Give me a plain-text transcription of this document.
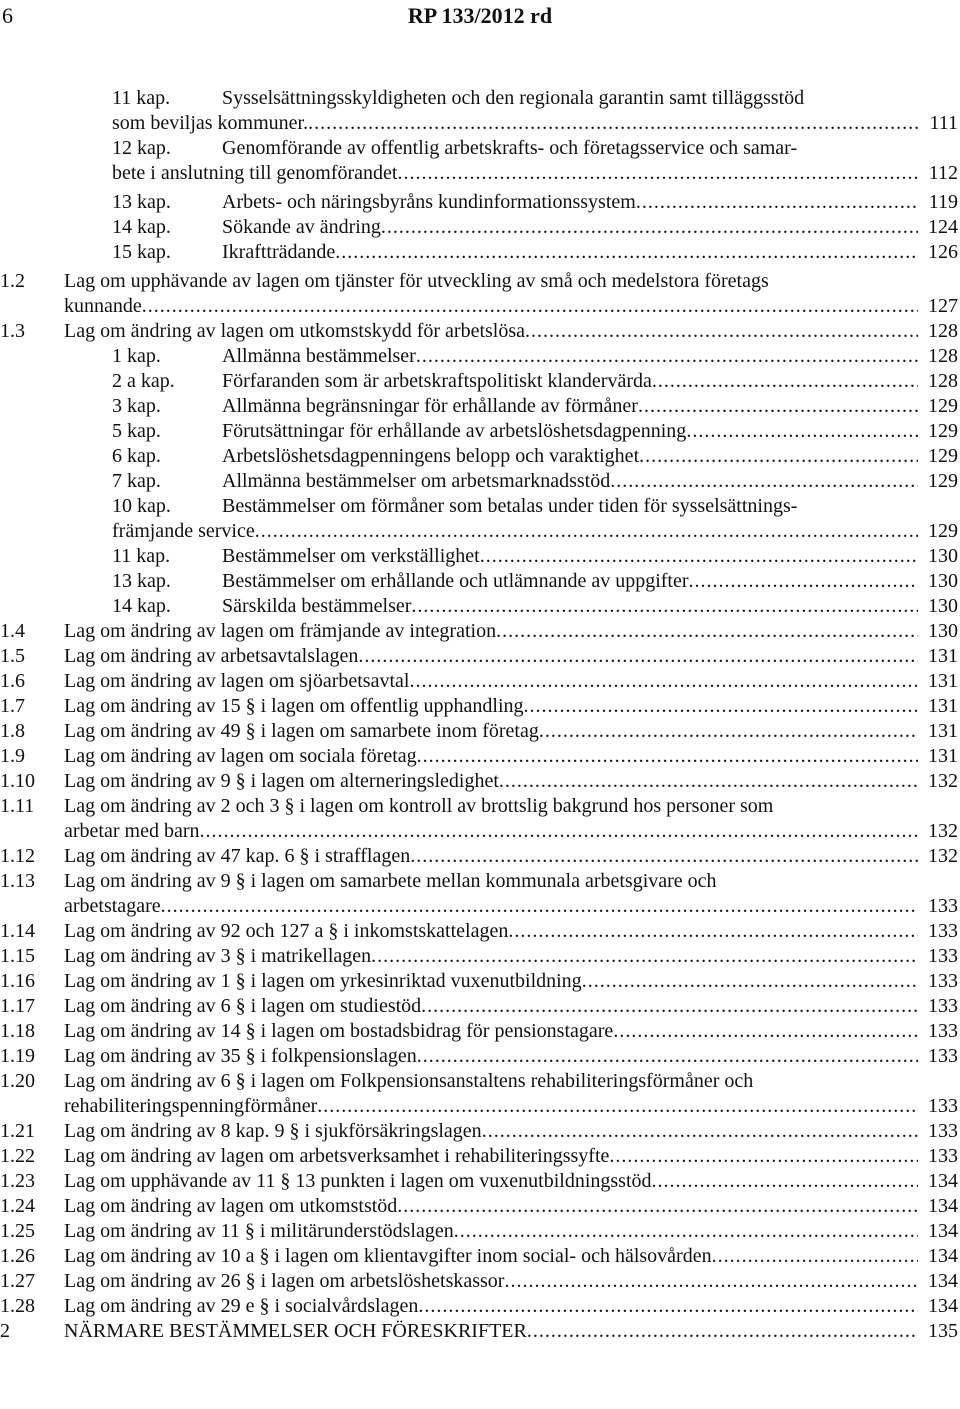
6	RP 133/2012 rd
11 kap.	Sysselsättningsskyldigheten och den regionala garantin samt tilläggsstöd
som beviljas kommuner. .....	111
12 kap.	Genomförande av offentlig arbetskrafts- och företagsservice och samar-
bete i anslutning till genomförandet .....	112
13 kap.	Arbets- och näringsbyråns kundinformationssystem .....	119
14 kap.	Sökande av ändring .....	124
15 kap.	Ikraftträdande .....	126
1.2 Lag om upphävande av lagen om tjänster för utveckling av små och medelstora företags
kunnande .....	127
1.3 Lag om ändring av lagen om utkomstskydd för arbetslösa .....	128
1 kap.	Allmänna bestämmelser .....	128
2 a kap. Förfaranden som är arbetskraftspolitiskt klandervärda .....	128
3 kap.	Allmänna begränsningar för erhållande av förmåner .....	129
5 kap.	Förutsättningar för erhållande av arbetslöshetsdagpenning .....	129
6 kap.	Arbetslöshetsdagpenningens belopp och varaktighet .....	129
7 kap.	Allmänna bestämmelser om arbetsmarknadsstöd .....	129
10 kap.	Bestämmelser om förmåner som betalas under tiden för sysselsättnings-
främjande service .....	129
11 kap.	Bestämmelser om verkställighet .....	130
13 kap.	Bestämmelser om erhållande och utlämnande av uppgifter .....	130
14 kap.	Särskilda bestämmelser .....	130
1.4 Lag om ändring av lagen om främjande av integration .....	130
1.5 Lag om ändring av arbetsavtalslagen .....	131
1.6 Lag om ändring av lagen om sjöarbetsavtal .....	131
1.7 Lag om ändring av 15 § i lagen om offentlig upphandling .....	131
1.8 Lag om ändring av 49 § i lagen om samarbete inom företag .....	131
1.9 Lag om ändring av lagen om sociala företag .....	131
1.10 Lag om ändring av 9 § i lagen om alterneringsledighet .....	132
1.11 Lag om ändring av 2 och 3 § i lagen om kontroll av brottslig bakgrund hos personer som
arbetar med barn .....	132
1.12 Lag om ändring av 47 kap. 6 § i strafflagen .....	132
1.13 Lag om ändring av 9 § i lagen om samarbete mellan kommunala arbetsgivare och
arbetstagare .....	133
1.14 Lag om ändring av 92 och 127 a § i inkomstskattelagen .....	133
1.15 Lag om ändring av 3 § i matrikellagen .....	133
1.16 Lag om ändring av 1 § i lagen om yrkesinriktad vuxenutbildning .....	133
1.17 Lag om ändring av 6 § i lagen om studiestöd .....	133
1.18 Lag om ändring av 14 § i lagen om bostadsbidrag för pensionstagare .....	133
1.19 Lag om ändring av 35 § i folkpensionslagen .....	133
1.20 Lag om ändring av 6 § i lagen om Folkpensionsanstaltens rehabiliteringsförmåner och
rehabiliteringspenningförmåner .....	133
1.21 Lag om ändring av 8 kap. 9 § i sjukförsäkringslagen .....	133
1.22 Lag om ändring av lagen om arbetsverksamhet i rehabiliteringssyfte .....	133
1.23 Lag om upphävande av 11 § 13 punkten i lagen om vuxenutbildningsstöd .....	134
1.24 Lag om ändring av lagen om utkomststöd .....	134
1.25 Lag om ändring av 11 § i militärunderstödslagen .....	134
1.26 Lag om ändring av 10 a § i lagen om klientavgifter inom social- och hälsovården .....	134
1.27 Lag om ändring av 26 § i lagen om arbetslöshetskassor .....	134
1.28 Lag om ändring av 29 e § i socialvårdslagen .....	134
2	NÄRMARE BESTÄMMELSER OCH FÖRESKRIFTER .....	135
